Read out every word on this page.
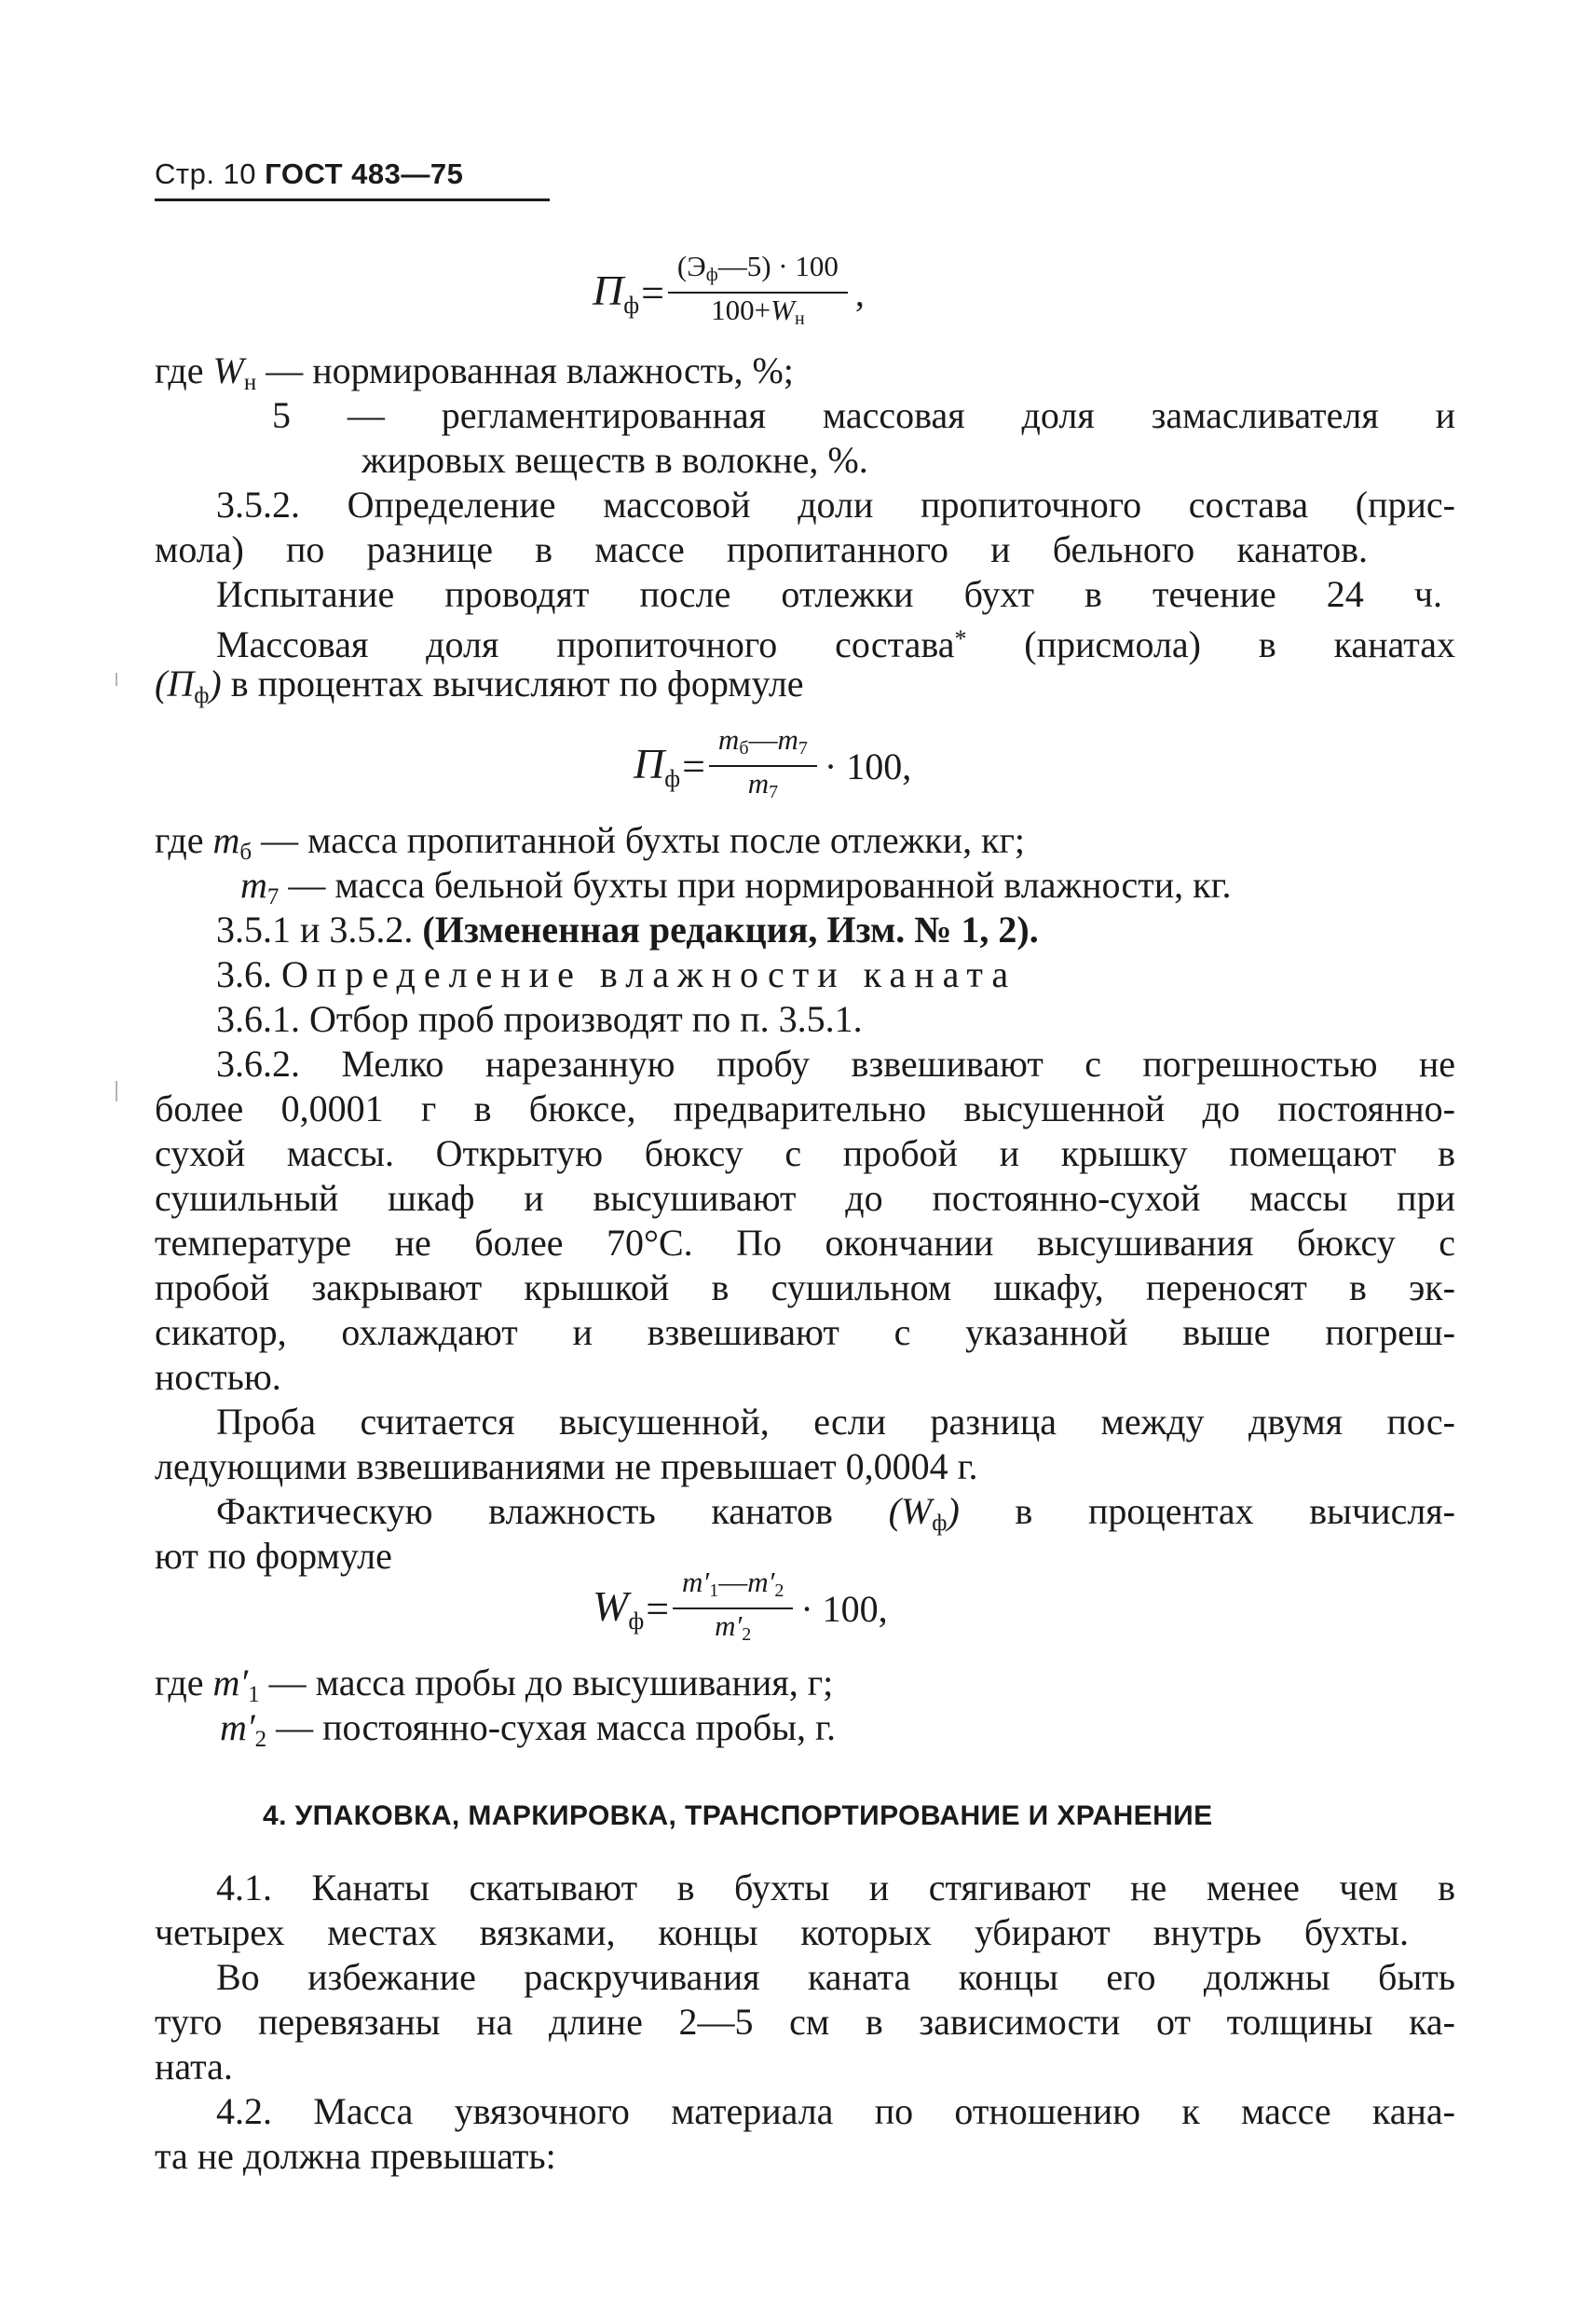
Стр. 10 ГОСТ 483—75
Пф = $\frac{(Эф—5) \cdot 100}{100+Wн}$ ,
где $W_н$ — нормированная влажность, %;
5 — регламентированная массовая доля замасливателя и
жировых веществ в волокне, %.
3.5.2. Определение массовой доли пропиточного состава (прис-
мола) по разнице в массе пропитанного и бельного канатов.
Испытание проводят после отлежки бухт в течение 24 ч.
Массовая доля пропиточного состава* (присмола) в канатах
$(П_ф)$ в процентах вычисляют по формуле
Пф = $\frac{mб—m7}{m7} \cdot 100$,
где $m_б$ — масса пропитанной бухты после отлежки, кг;
$m_7$ — масса бельной бухты при нормированной влажности, кг.
3.5.1 и 3.5.2. (Измененная редакция, Изм. № 1, 2).
3.6. Определение влажности каната
3.6.1. Отбор проб производят по п. 3.5.1.
3.6.2. Мелко нарезанную пробу взвешивают с погрешностью не
более 0,0001 г в бюксе, предварительно высушенной до постоянно-
сухой массы. Открытую бюксу с пробой и крышку помещают в
сушильный шкаф и высушивают до постоянно-сухой массы при
температуре не более 70°С. По окончании высушивания бюксу с
пробой закрывают крышкой в сушильном шкафу, переносят в эк-
сикатор, охлаждают и взвешивают с указанной выше погреш-
ностью.
Проба считается высушенной, если разница между двумя пос-
ледующими взвешиваниями не превышает 0,0004 г.
Фактическую влажность канатов $(W_ф)$ в процентах вычисля-
ют по формуле
Wф = $\frac{m'1—m'2}{m'2} \cdot 100$,
где $m'_1$ — масса пробы до высушивания, г;
$m'_2$ — постоянно-сухая масса пробы, г.
4. УПАКОВКА, МАРКИРОВКА, ТРАНСПОРТИРОВАНИЕ И ХРАНЕНИЕ
4.1. Канаты скатывают в бухты и стягивают не менее чем в
четырех местах вязками, концы которых убирают внутрь бухты.
Во избежание раскручивания каната концы его должны быть
туго перевязаны на длине 2—5 см в зависимости от толщины ка-
ната.
4.2. Масса увязочного материала по отношению к массе кана-
та не должна превышать:
